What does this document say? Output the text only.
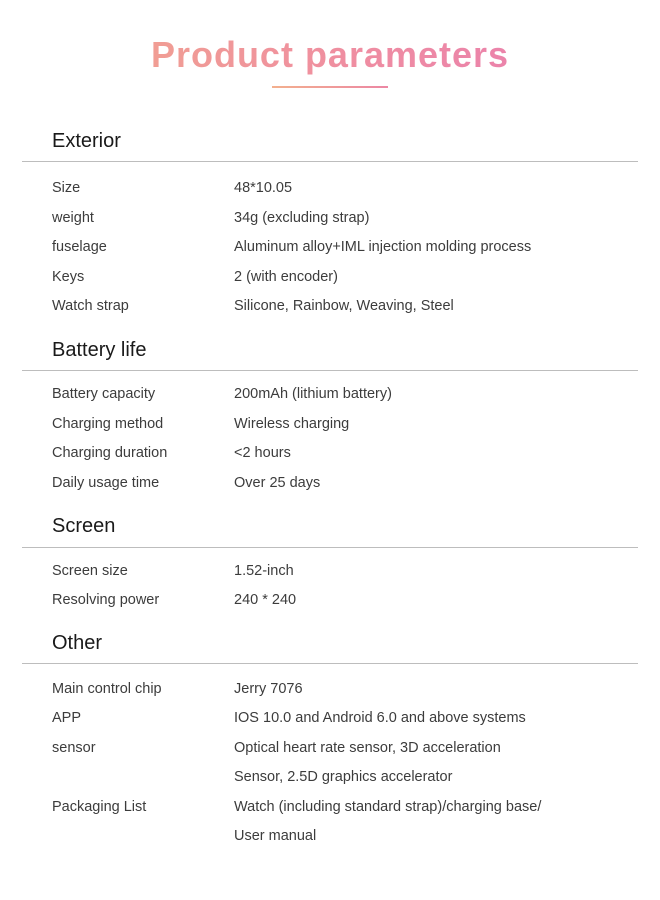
Product parameters
Exterior
Size	48*10.05
weight	34g (excluding strap)
fuselage	Aluminum alloy+IML injection molding process
Keys	2 (with encoder)
Watch strap	Silicone, Rainbow, Weaving, Steel
Battery life
Battery capacity	200mAh (lithium battery)
Charging method	Wireless charging
Charging duration	<2 hours
Daily usage time	Over 25 days
Screen
Screen size	1.52-inch
Resolving power	240 * 240
Other
Main control chip	Jerry 7076
APP	IOS 10.0 and Android 6.0 and above systems
sensor	Optical heart rate sensor, 3D acceleration
Sensor, 2.5D graphics accelerator
Packaging List	Watch (including standard strap)/charging base/
User manual
